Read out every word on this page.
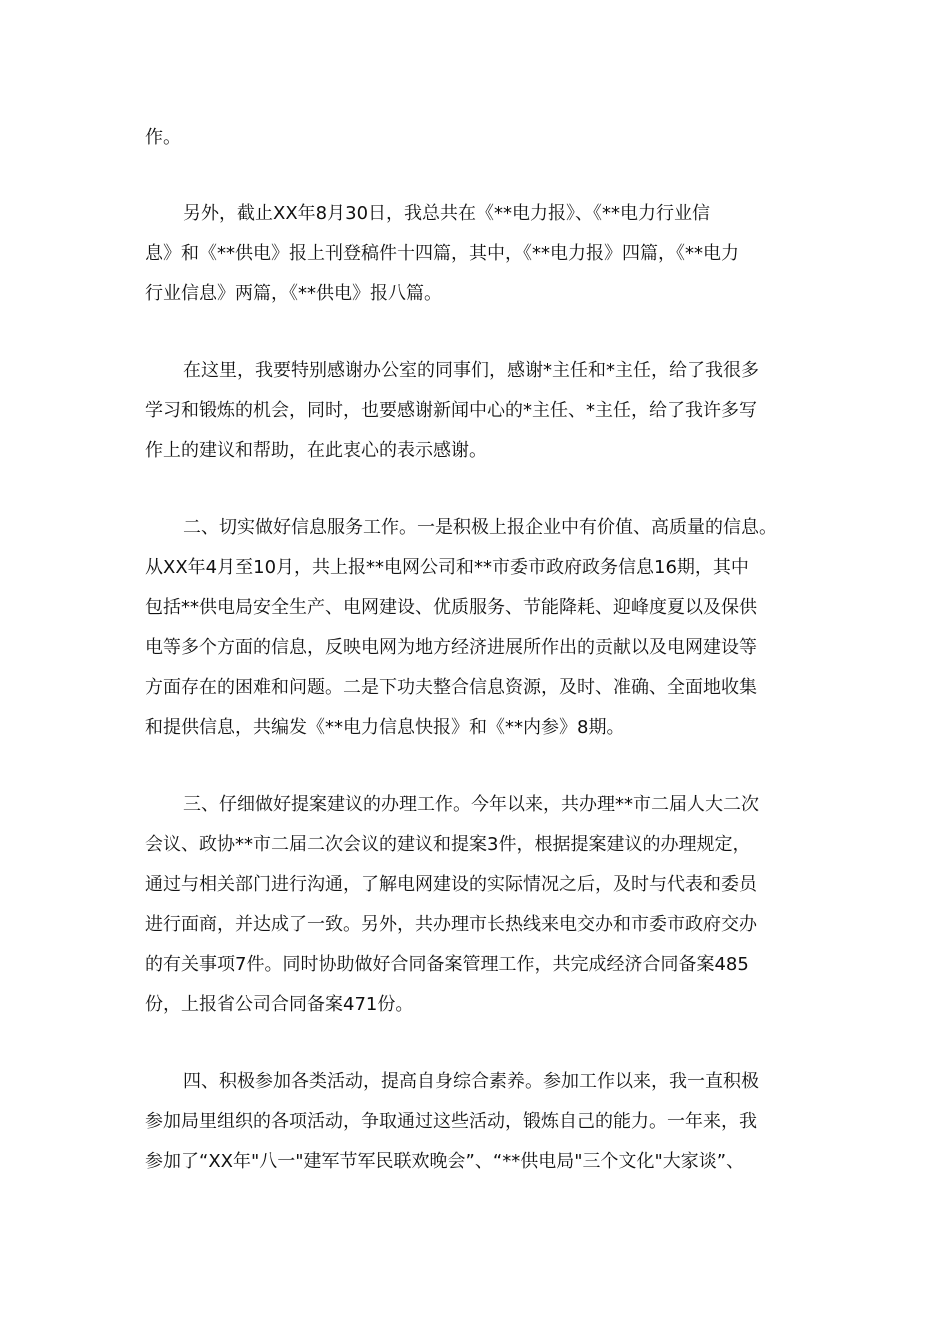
作。
另外，截止XX年8月30日，我总共在《**电力报》、《**电力行业信
息》和《**供电》报上刊登稿件十四篇，其中，《**电力报》四篇，《**电力
行业信息》两篇，《**供电》报八篇。
在这里，我要特别感谢办公室的同事们，感谢*主任和*主任，给了我很多
学习和锻炼的机会，同时，也要感谢新闻中心的*主任、*主任，给了我许多写
作上的建议和帮助，在此衷心的表示感谢。
二、切实做好信息服务工作。一是积极上报企业中有价值、高质量的信息。
从XX年4月至10月，共上报**电网公司和**市委市政府政务信息16期，其中
包括**供电局安全生产、电网建设、优质服务、节能降耗、迎峰度夏以及保供
电等多个方面的信息，反映电网为地方经济进展所作出的贡献以及电网建设等
方面存在的困难和问题。二是下功夫整合信息资源，及时、准确、全面地收集
和提供信息，共编发《**电力信息快报》和《**内参》8期。
三、仔细做好提案建议的办理工作。今年以来，共办理**市二届人大二次
会议、政协**市二届二次会议的建议和提案3件，根据提案建议的办理规定，
通过与相关部门进行沟通，了解电网建设的实际情况之后，及时与代表和委员
进行面商，并达成了一致。另外，共办理市长热线来电交办和市委市政府交办
的有关事项7件。同时协助做好合同备案管理工作，共完成经济合同备案485
份，上报省公司合同备案471份。
四、积极参加各类活动，提高自身综合素养。参加工作以来，我一直积极
参加局里组织的各项活动，争取通过这些活动，锻炼自己的能力。一年来，我
参加了“XX年"八一"建军节军民联欢晚会”、“**供电局"三个文化"大家谈”、
